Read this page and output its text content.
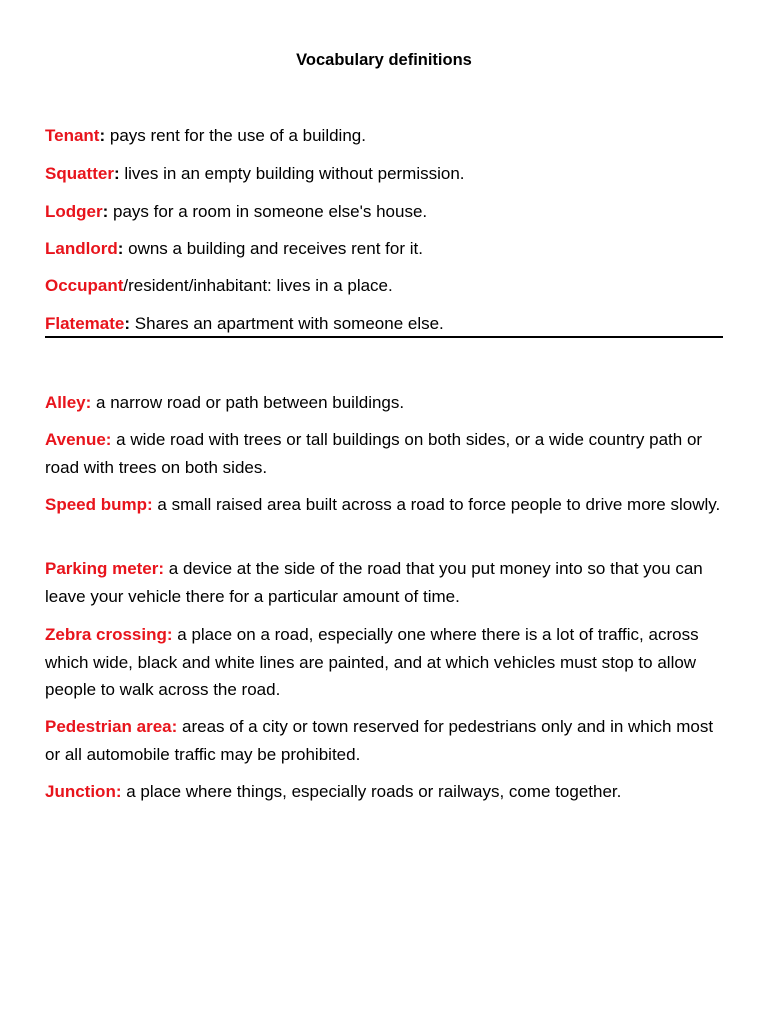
Vocabulary definitions

Tenant: pays rent for the use of a building.

Squatter: lives in an empty building without permission.

Lodger: pays for a room in someone else's house.

Landlord: owns a building and receives rent for it.

Occupant/resident/inhabitant: lives in a place.

Flatemate: Shares an apartment with someone else.

Alley: a narrow road or path between buildings.

Avenue: a wide road with trees or tall buildings on both sides, or a wide country path or road with trees on both sides.

Speed bump: a small raised area built across a road to force people to drive more slowly.

Parking meter: a device at the side of the road that you put money into so that you can leave your vehicle there for a particular amount of time.

Zebra crossing: a place on a road, especially one where there is a lot of traffic, across which wide, black and white lines are painted, and at which vehicles must stop to allow people to walk across the road.

Pedestrian area: areas of a city or town reserved for pedestrians only and in which most or all automobile traffic may be prohibited.

Junction: a place where things, especially roads or railways, come together.
